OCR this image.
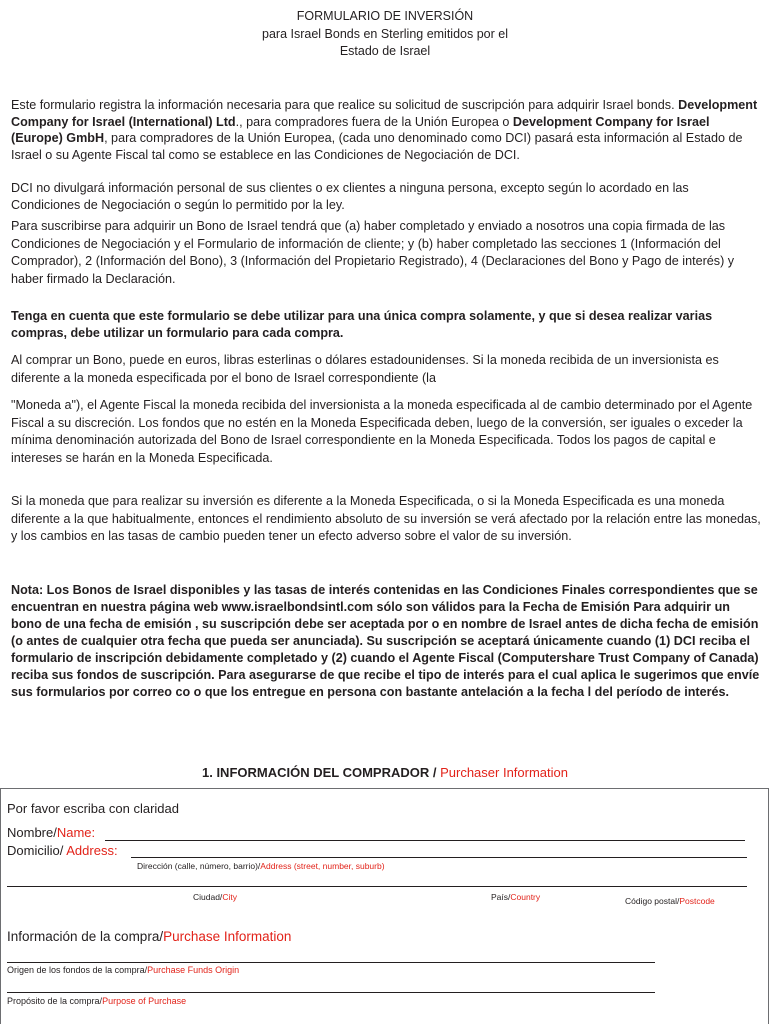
FORMULARIO DE INVERSIÓN
para Israel Bonds en Sterling emitidos por el
Estado de Israel

Este formulario registra la información necesaria para que realice su solicitud de suscripción para adquirir Israel bonds. Development Company for Israel (International) Ltd., para compradores fuera de la Unión Europea o Development Company for Israel (Europe) GmbH, para compradores de la Unión Europea, (cada uno denominado como DCI) pasará esta información al Estado de Israel o su Agente Fiscal tal como se establece en las Condiciones de Negociación de DCI.

DCI no divulgará información personal de sus clientes o ex clientes a ninguna persona, excepto según lo acordado en las Condiciones de Negociación o según lo permitido por la ley.

Para suscribirse para adquirir un Bono de Israel tendrá que (a) haber completado y enviado a nosotros una copia firmada de las Condiciones de Negociación y el Formulario de información de cliente; y (b) haber completado las secciones 1 (Información del Comprador), 2 (Información del Bono), 3 (Información del Propietario Registrado), 4 (Declaraciones del Bono y Pago de interés) y haber firmado la Declaración.

Tenga en cuenta que este formulario se debe utilizar para una única compra solamente, y que si desea realizar varias compras, debe utilizar un formulario para cada compra.

Al comprar un Bono, puede en euros, libras esterlinas o dólares estadounidenses. Si la moneda recibida de un inversionista es diferente a la moneda especificada por el bono de Israel correspondiente (la

"Moneda a"), el Agente Fiscal la moneda recibida del inversionista a la moneda especificada al de cambio determinado por el Agente Fiscal a su discreción. Los fondos que no estén en la Moneda Especificada deben, luego de la conversión, ser iguales o exceder la mínima denominación autorizada del Bono de Israel correspondiente en la Moneda Especificada. Todos los pagos de capital e intereses se harán en la Moneda Especificada.

Si la moneda que para realizar su inversión es diferente a la Moneda Especificada, o si la Moneda Especificada es una moneda diferente a la que habitualmente, entonces el rendimiento absoluto de su inversión se verá afectado por la relación entre las monedas, y los cambios en las tasas de cambio pueden tener un efecto adverso sobre el valor de su inversión.

Nota: Los Bonos de Israel disponibles y las tasas de interés contenidas en las Condiciones Finales correspondientes que se encuentran en nuestra página web www.israelbondsintl.com sólo son válidos para la Fecha de Emisión Para adquirir un bono de una fecha de emisión , su suscripción debe ser aceptada por o en nombre de Israel antes de dicha fecha de emisión (o antes de cualquier otra fecha que pueda ser anunciada). Su suscripción se aceptará únicamente cuando (1) DCI reciba el formulario de inscripción debidamente completado y (2) cuando el Agente Fiscal (Computershare Trust Company of Canada) reciba sus fondos de suscripción. Para asegurarse de que recibe el tipo de interés para el cual aplica le sugerimos que envíe sus formularios por correo co o que los entregue en persona con bastante antelación a la fecha l del período de interés.

1. INFORMACIÓN DEL COMPRADOR / Purchaser Information
Por favor escriba con claridad
Nombre/Name:
Domicilio/ Address:
Dirección (calle, número, barrio)/Address (street, number, suburb)
Ciudad/City	País/Country	Código postal/Postcode
Información de la compra/Purchase Information
Origen de los fondos de la compra/Purchase Funds Origin
Propósito de la compra/Purpose of Purchase
